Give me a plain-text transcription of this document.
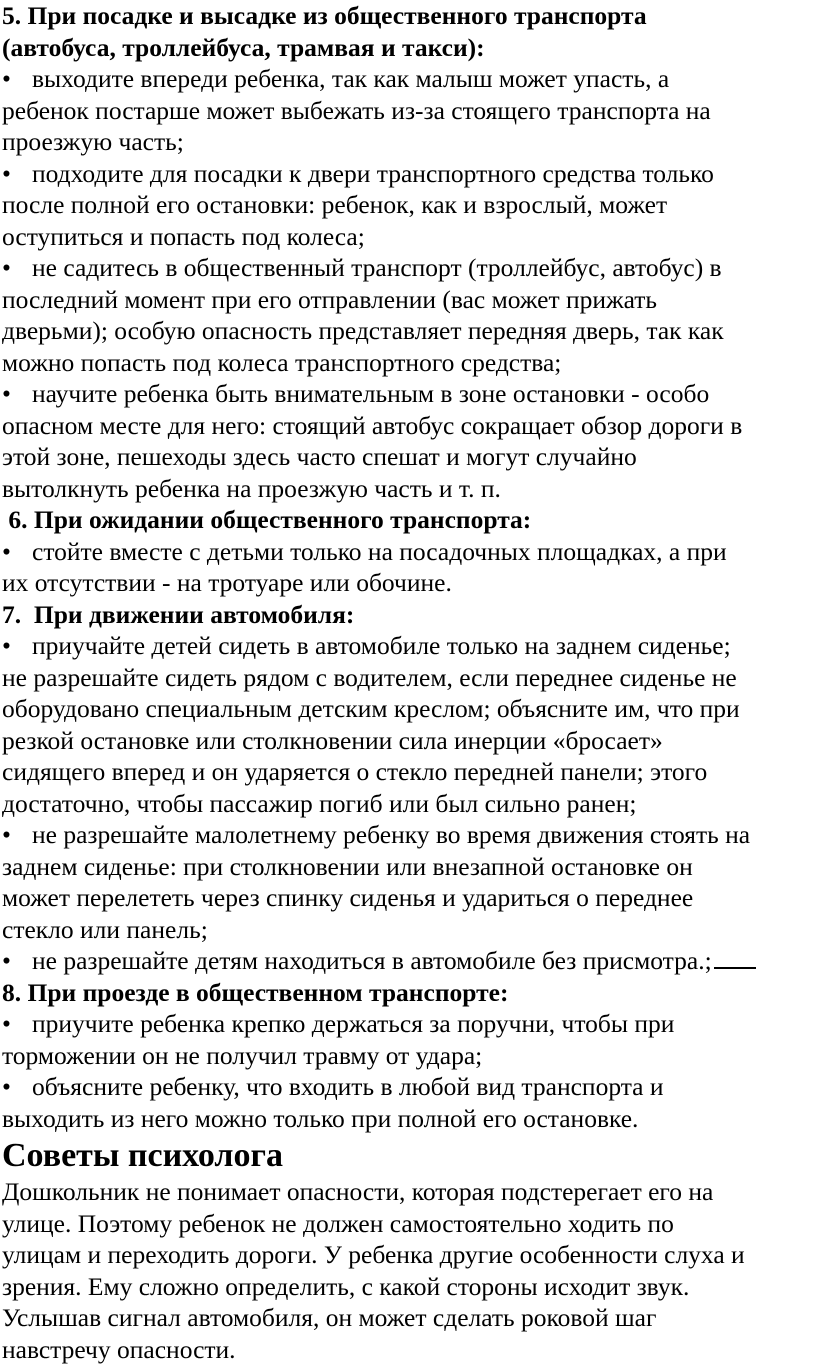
5. При посадке и высадке из общественного транспорта
(автобуса, троллейбуса, трамвая и такси):
• выходите впереди ребенка, так как малыш может упасть, а
ребенок постарше может выбежать из-за стоящего транспорта на
проезжую часть;
• подходите для посадки к двери транспортного средства только
после полной его остановки: ребенок, как и взрослый, может
оступиться и попасть под колеса;
• не садитесь в общественный транспорт (троллейбус, автобус) в
последний момент при его отправлении (вас может прижать
дверьми); особую опасность представляет передняя дверь, так как
можно попасть под колеса транспортного средства;
• научите ребенка быть внимательным в зоне остановки - особо
опасном месте для него: стоящий автобус сокращает обзор дороги в
этой зоне, пешеходы здесь часто спешат и могут случайно
вытолкнуть ребенка на проезжую часть и т. п.
6. При ожидании общественного транспорта:
• стойте вместе с детьми только на посадочных площадках, а при
их отсутствии - на тротуаре или обочине.
7.  При движении автомобиля:
• приучайте детей сидеть в автомобиле только на заднем сиденье;
не разрешайте сидеть рядом с водителем, если переднее сиденье не
оборудовано специальным детским креслом; объясните им, что при
резкой остановке или столкновении сила инерции «бросает»
сидящего вперед и он ударяется о стекло передней панели; этого
достаточно, чтобы пассажир погиб или был сильно ранен;
• не разрешайте малолетнему ребенку во время движения стоять на
заднем сиденье: при столкновении или внезапной остановке он
может перелететь через спинку сиденья и удариться о переднее
стекло или панель;
• не разрешайте детям находиться в автомобиле без присмотра.;
8. При проезде в общественном транспорте:
• приучите ребенка крепко держаться за поручни, чтобы при
торможении он не получил травму от удара;
• объясните ребенку, что входить в любой вид транспорта и
выходить из него можно только при полной его остановке.
Советы психолога
Дошкольник не понимает опасности, которая подстерегает его на
улице. Поэтому ребенок не должен самостоятельно ходить по
улицам и переходить дороги. У ребенка другие особенности слуха и
зрения. Ему сложно определить, с какой стороны исходит звук.
Услышав сигнал автомобиля, он может сделать роковой шаг
навстречу опасности.
